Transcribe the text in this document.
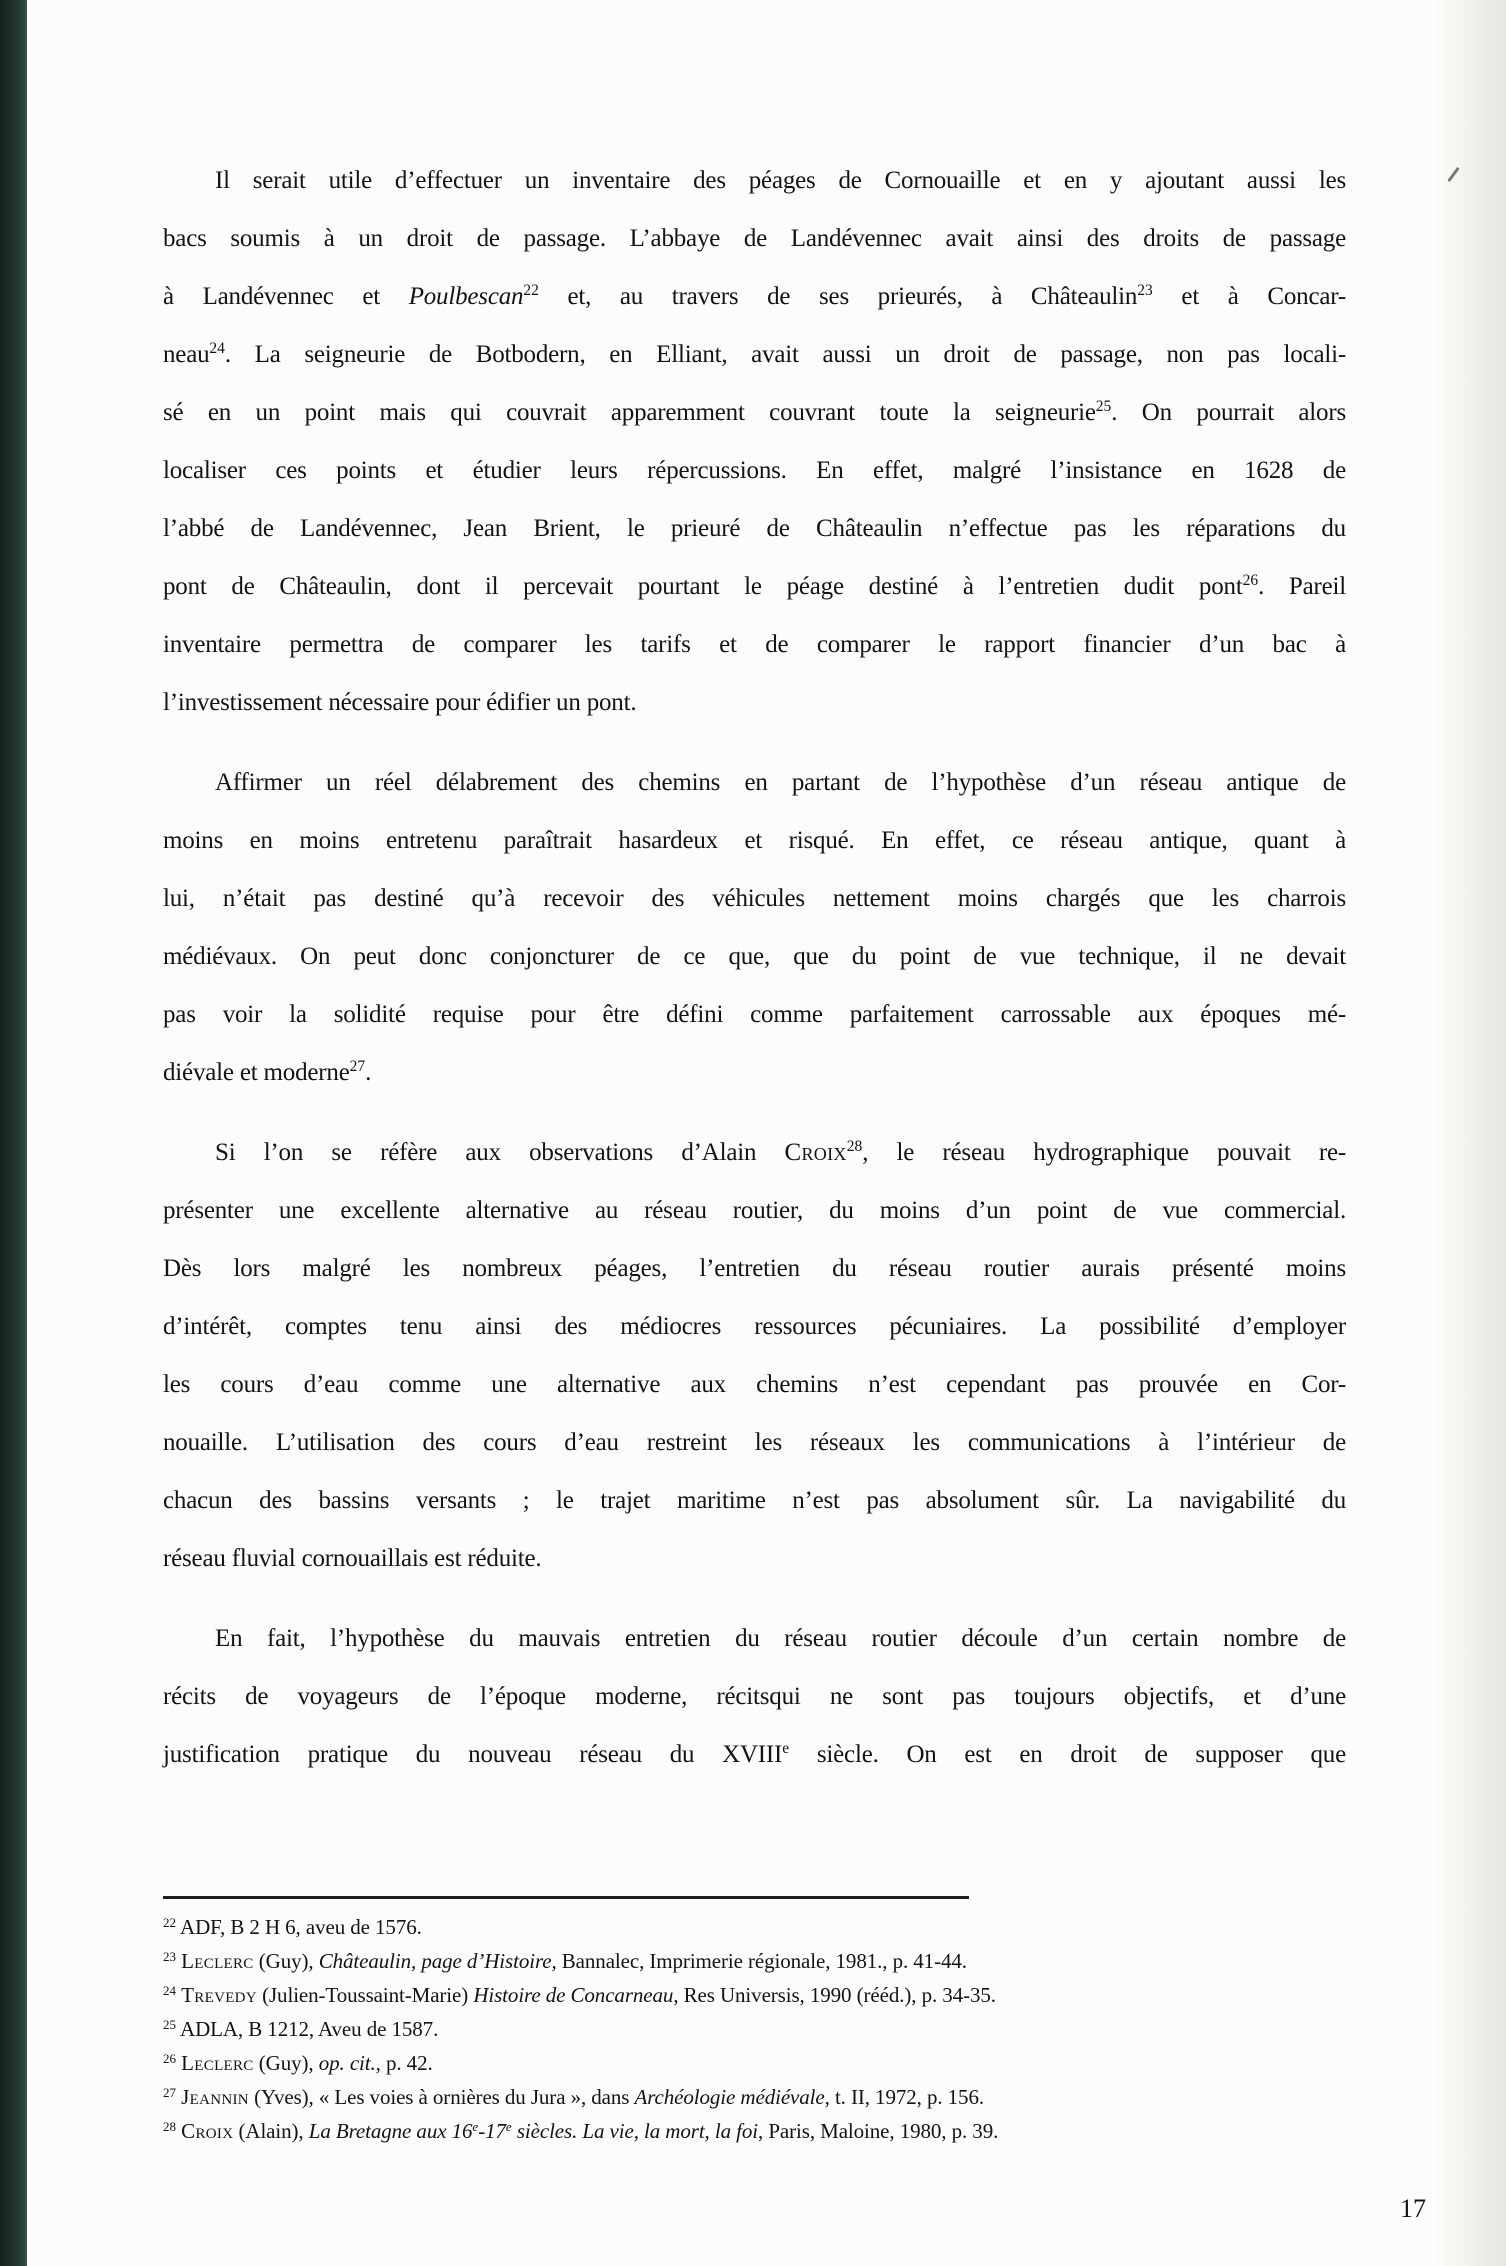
Il serait utile d’effectuer un inventaire des péages de Cornouaille et en y ajoutant aussi les
bacs soumis à un droit de passage. L’abbaye de Landévennec avait ainsi des droits de passage
à Landévennec et Poulbescan$^{22}$ et, au travers de ses prieurés, à Châteaulin$^{23}$ et à Concar-
neau$^{24}$. La seigneurie de Botbodern, en Elliant, avait aussi un droit de passage, non pas locali-
sé en un point mais qui couvrait apparemment couvrant toute la seigneurie$^{25}$. On pourrait alors
localiser ces points et étudier leurs répercussions. En effet, malgré l’insistance en 1628 de
l’abbé de Landévennec, Jean Brient, le prieuré de Châteaulin n’effectue pas les réparations du
pont de Châteaulin, dont il percevait pourtant le péage destiné à l’entretien dudit pont$^{26}$. Pareil
inventaire permettra de comparer les tarifs et de comparer le rapport financier d’un bac à
l’investissement nécessaire pour édifier un pont.
Affirmer un réel délabrement des chemins en partant de l’hypothèse d’un réseau antique de
moins en moins entretenu paraîtrait hasardeux et risqué. En effet, ce réseau antique, quant à
lui, n’était pas destiné qu’à recevoir des véhicules nettement moins chargés que les charrois
médiévaux. On peut donc conjoncturer de ce que, que du point de vue technique, il ne devait
pas voir la solidité requise pour être défini comme parfaitement carrossable aux époques mé-
diévale et moderne$^{27}$.
Si l’on se réfère aux observations d’Alain Croix$^{28}$, le réseau hydrographique pouvait re-
présenter une excellente alternative au réseau routier, du moins d’un point de vue commercial.
Dès lors malgré les nombreux péages, l’entretien du réseau routier aurais présenté moins
d’intérêt, comptes tenu ainsi des médiocres ressources pécuniaires. La possibilité d’employer
les cours d’eau comme une alternative aux chemins n’est cependant pas prouvée en Cor-
nouaille. L’utilisation des cours d’eau restreint les réseaux les communications à l’intérieur de
chacun des bassins versants ; le trajet maritime n’est pas absolument sûr. La navigabilité du
réseau fluvial cornouaillais est réduite.
En fait, l’hypothèse du mauvais entretien du réseau routier découle d’un certain nombre de
récits de voyageurs de l’époque moderne, récitsqui ne sont pas toujours objectifs, et d’une
justification pratique du nouveau réseau du XVIIIe siècle. On est en droit de supposer que
$^{22}$ ADF, B 2 H 6, aveu de 1576.
$^{23}$ Leclerc (Guy), Châteaulin, page d’Histoire, Bannalec, Imprimerie régionale, 1981., p. 41-44.
$^{24}$ Trevedy (Julien-Toussaint-Marie) Histoire de Concarneau, Res Universis, 1990 (rééd.), p. 34-35.
$^{25}$ ADLA, B 1212, Aveu de 1587.
$^{26}$ Leclerc (Guy), op. cit., p. 42.
$^{27}$ Jeannin (Yves), « Les voies à ornières du Jura », dans Archéologie médiévale, t. II, 1972, p. 156.
$^{28}$ Croix (Alain), La Bretagne aux 16e-17e siècles. La vie, la mort, la foi, Paris, Maloine, 1980, p. 39.
17
